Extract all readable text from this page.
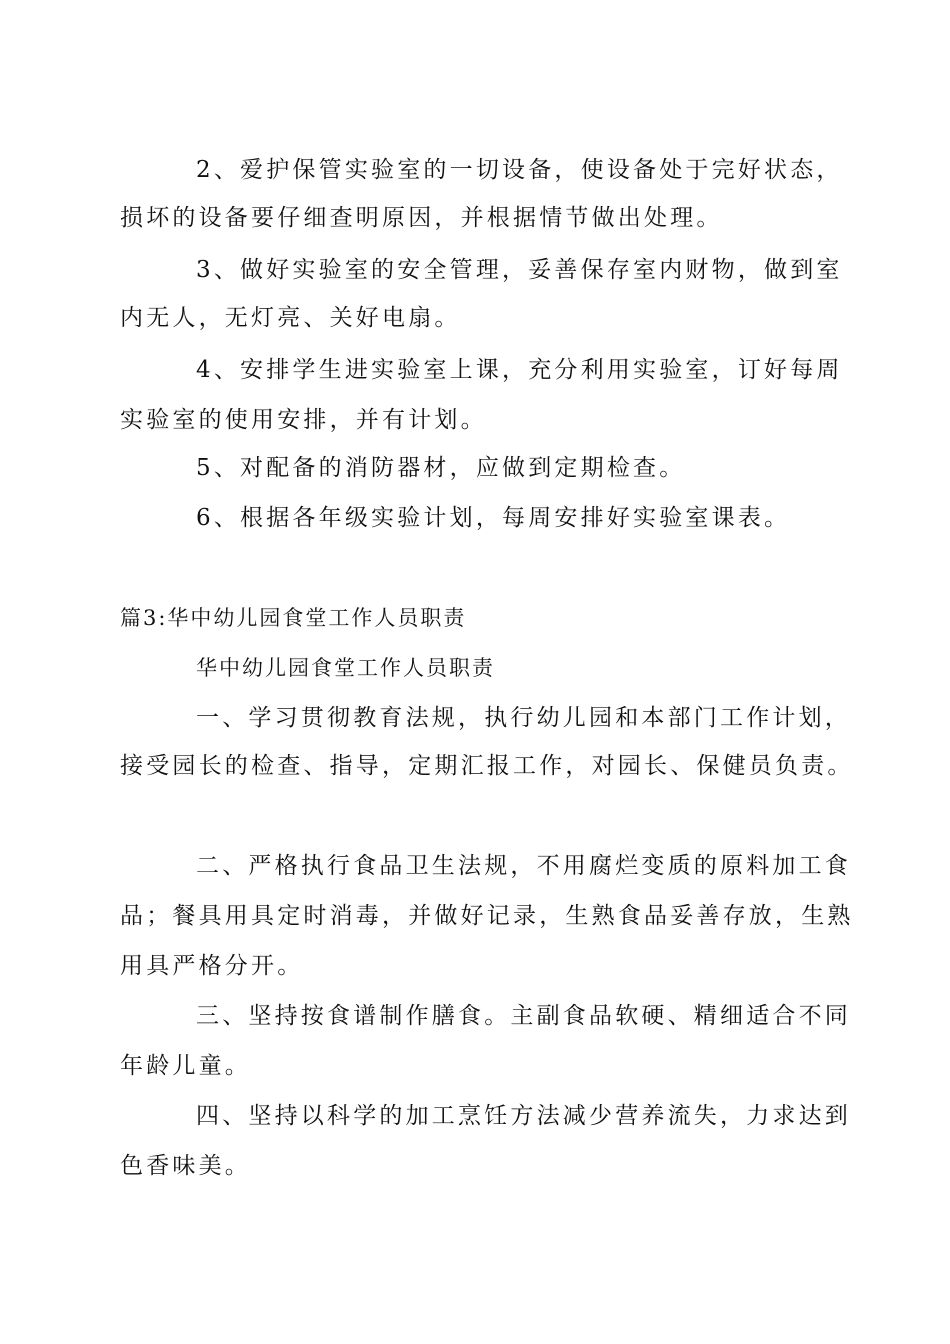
2、爱护保管实验室的一切设备，使设备处于完好状态，
损坏的设备要仔细查明原因，并根据情节做出处理。
3、做好实验室的安全管理，妥善保存室内财物，做到室
内无人，无灯亮、关好电扇。
4、安排学生进实验室上课，充分利用实验室，订好每周
实验室的使用安排，并有计划。
5、对配备的消防器材，应做到定期检查。
6、根据各年级实验计划，每周安排好实验室课表。
篇3:华中幼儿园食堂工作人员职责
华中幼儿园食堂工作人员职责
一、学习贯彻教育法规，执行幼儿园和本部门工作计划，
接受园长的检查、指导，定期汇报工作，对园长、保健员负责。
二、严格执行食品卫生法规，不用腐烂变质的原料加工食
品；餐具用具定时消毒，并做好记录，生熟食品妥善存放，生熟
用具严格分开。
三、坚持按食谱制作膳食。主副食品软硬、精细适合不同
年龄儿童。
四、坚持以科学的加工烹饪方法减少营养流失，力求达到
色香味美。
